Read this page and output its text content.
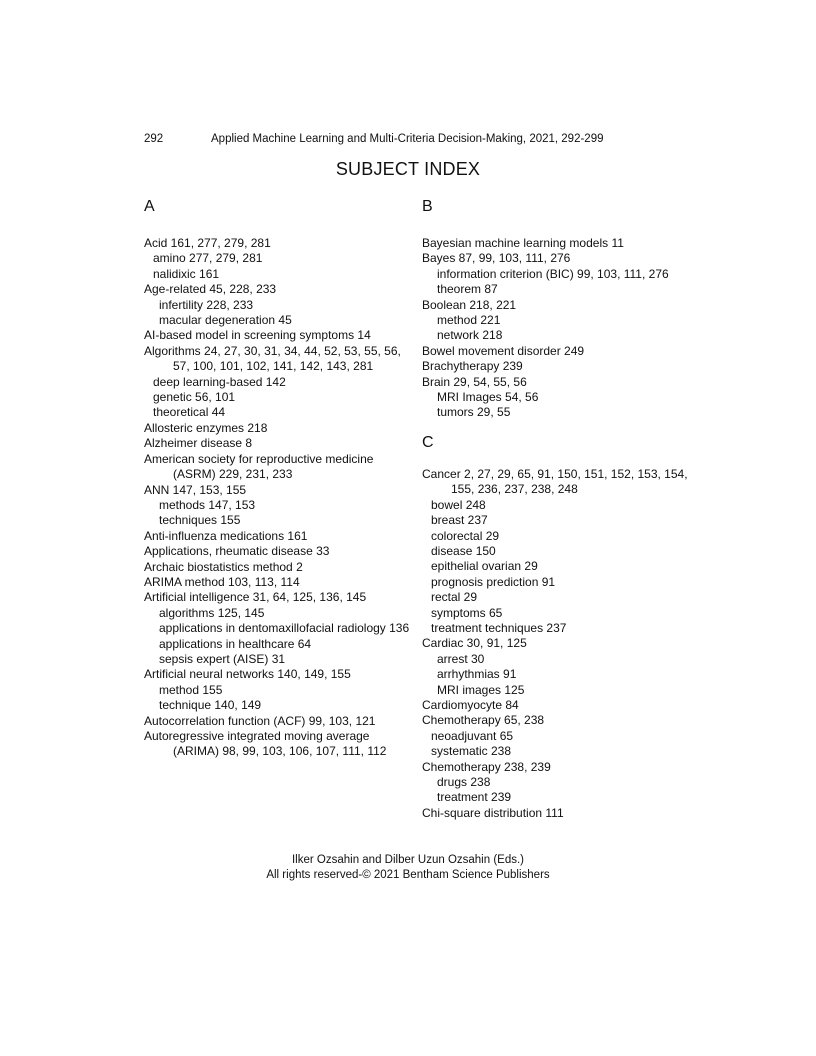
292	Applied Machine Learning and Multi-Criteria Decision-Making, 2021, 292-299
SUBJECT INDEX
A
Acid 161, 277, 279, 281
amino 277, 279, 281
nalidixic 161
Age-related 45, 228, 233
infertility 228, 233
macular degeneration 45
AI-based model in screening symptoms 14
Algorithms 24, 27, 30, 31, 34, 44, 52, 53, 55, 56, 57, 100, 101, 102, 141, 142, 143, 281
deep learning-based 142
genetic 56, 101
theoretical 44
Allosteric enzymes 218
Alzheimer disease 8
American society for reproductive medicine (ASRM) 229, 231, 233
ANN 147, 153, 155
methods 147, 153
techniques 155
Anti-influenza medications 161
Applications, rheumatic disease 33
Archaic biostatistics method 2
ARIMA method 103, 113, 114
Artificial intelligence 31, 64, 125, 136, 145
algorithms 125, 145
applications in dentomaxillofacial radiology 136
applications in healthcare 64
sepsis expert (AISE) 31
Artificial neural networks 140, 149, 155
method 155
technique 140, 149
Autocorrelation function (ACF) 99, 103, 121
Autoregressive integrated moving average (ARIMA) 98, 99, 103, 106, 107, 111, 112
B
Bayesian machine learning models 11
Bayes 87, 99, 103, 111, 276
information criterion (BIC) 99, 103, 111, 276
theorem 87
Boolean 218, 221
method 221
network 218
Bowel movement disorder 249
Brachytherapy 239
Brain 29, 54, 55, 56
MRI Images 54, 56
tumors 29, 55
C
Cancer 2, 27, 29, 65, 91, 150, 151, 152, 153, 154, 155, 236, 237, 238, 248
bowel 248
breast 237
colorectal 29
disease 150
epithelial ovarian 29
prognosis prediction 91
rectal 29
symptoms 65
treatment techniques 237
Cardiac 30, 91, 125
arrest 30
arrhythmias 91
MRI images 125
Cardiomyocyte 84
Chemotherapy 65, 238
neoadjuvant 65
systematic 238
Chemotherapy 238, 239
drugs 238
treatment 239
Chi-square distribution 111
Ilker Ozsahin and Dilber Uzun Ozsahin (Eds.)
All rights reserved-© 2021 Bentham Science Publishers
